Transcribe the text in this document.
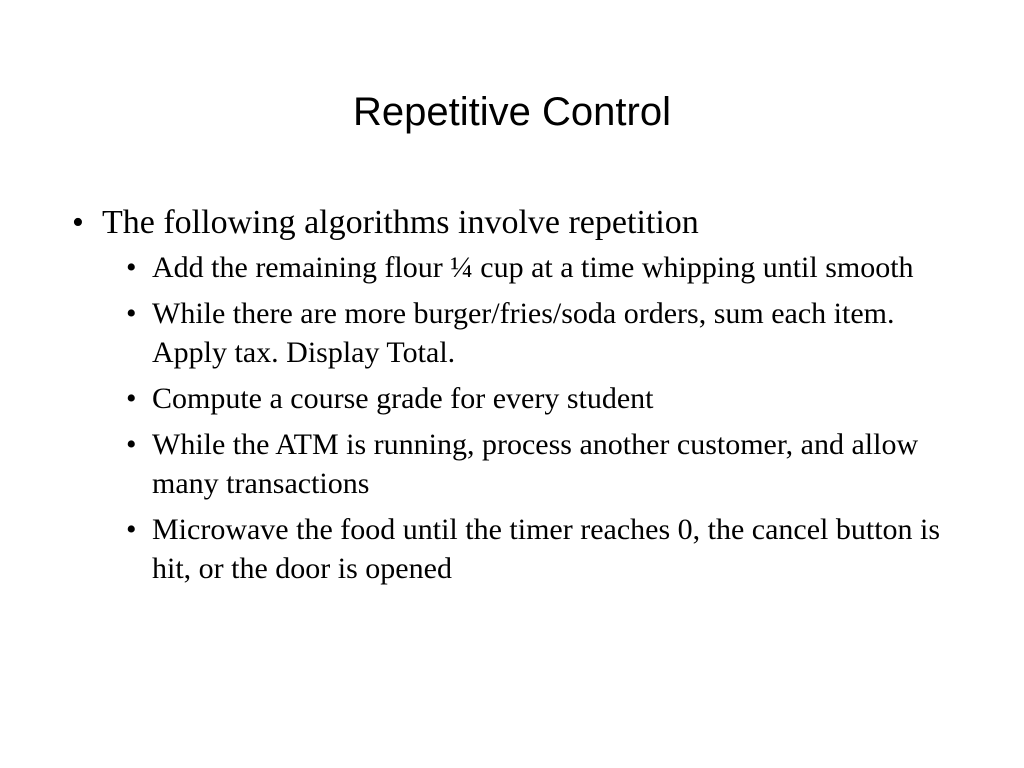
Repetitive Control
• The following algorithms involve repetition
• Add the remaining flour ¼ cup at a time whipping until smooth
• While there are more burger/fries/soda orders, sum each item. Apply tax. Display Total.
• Compute a course grade for every student
• While the ATM is running, process another customer, and allow many transactions
• Microwave the food until the timer reaches 0, the cancel button is hit, or the door is opened
